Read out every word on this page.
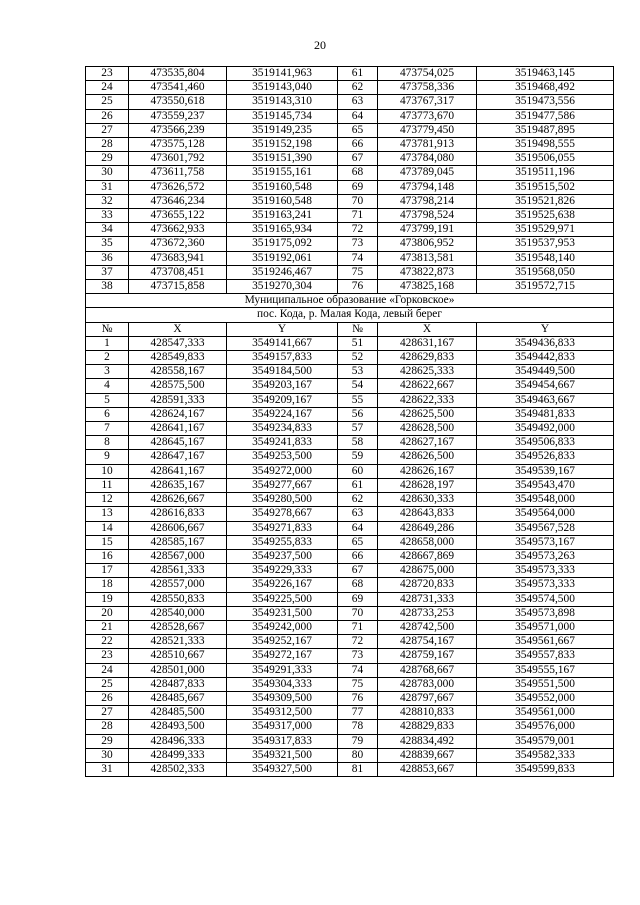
20
23	473535,804	3519141,963	61	473754,025	3519463,145
24	473541,460	3519143,040	62	473758,336	3519468,492
25	473550,618	3519143,310	63	473767,317	3519473,556
26	473559,237	3519145,734	64	473773,670	3519477,586
27	473566,239	3519149,235	65	473779,450	3519487,895
28	473575,128	3519152,198	66	473781,913	3519498,555
29	473601,792	3519151,390	67	473784,080	3519506,055
30	473611,758	3519155,161	68	473789,045	3519511,196
31	473626,572	3519160,548	69	473794,148	3519515,502
32	473646,234	3519160,548	70	473798,214	3519521,826
33	473655,122	3519163,241	71	473798,524	3519525,638
34	473662,933	3519165,934	72	473799,191	3519529,971
35	473672,360	3519175,092	73	473806,952	3519537,953
36	473683,941	3519192,061	74	473813,581	3519548,140
37	473708,451	3519246,467	75	473822,873	3519568,050
38	473715,858	3519270,304	76	473825,168	3519572,715
Муниципальное образование «Горковское»					
пос. Кода, р. Малая Кода, левый берег					
№	X	Y	№	X	Y
1	428547,333	3549141,667	51	428631,167	3549436,833
2	428549,833	3549157,833	52	428629,833	3549442,833
3	428558,167	3549184,500	53	428625,333	3549449,500
4	428575,500	3549203,167	54	428622,667	3549454,667
5	428591,333	3549209,167	55	428622,333	3549463,667
6	428624,167	3549224,167	56	428625,500	3549481,833
7	428641,167	3549234,833	57	428628,500	3549492,000
8	428645,167	3549241,833	58	428627,167	3549506,833
9	428647,167	3549253,500	59	428626,500	3549526,833
10	428641,167	3549272,000	60	428626,167	3549539,167
11	428635,167	3549277,667	61	428628,197	3549543,470
12	428626,667	3549280,500	62	428630,333	3549548,000
13	428616,833	3549278,667	63	428643,833	3549564,000
14	428606,667	3549271,833	64	428649,286	3549567,528
15	428585,167	3549255,833	65	428658,000	3549573,167
16	428567,000	3549237,500	66	428667,869	3549573,263
17	428561,333	3549229,333	67	428675,000	3549573,333
18	428557,000	3549226,167	68	428720,833	3549573,333
19	428550,833	3549225,500	69	428731,333	3549574,500
20	428540,000	3549231,500	70	428733,253	3549573,898
21	428528,667	3549242,000	71	428742,500	3549571,000
22	428521,333	3549252,167	72	428754,167	3549561,667
23	428510,667	3549272,167	73	428759,167	3549557,833
24	428501,000	3549291,333	74	428768,667	3549555,167
25	428487,833	3549304,333	75	428783,000	3549551,500
26	428485,667	3549309,500	76	428797,667	3549552,000
27	428485,500	3549312,500	77	428810,833	3549561,000
28	428493,500	3549317,000	78	428829,833	3549576,000
29	428496,333	3549317,833	79	428834,492	3549579,001
30	428499,333	3549321,500	80	428839,667	3549582,333
31	428502,333	3549327,500	81	428853,667	3549599,833
